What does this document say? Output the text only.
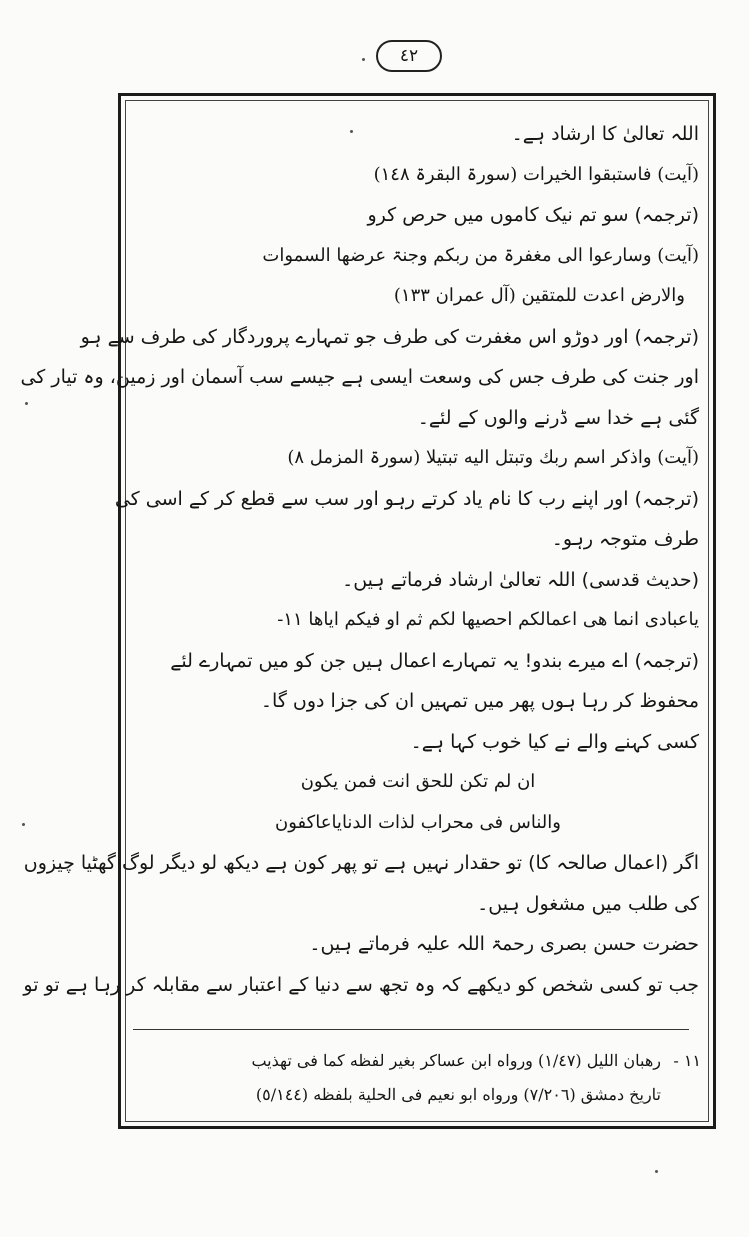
٤٢
اللہ تعالیٰ کا ارشاد ہے۔
(آیت) فاستبقوا الخیرات (سورۃ البقرۃ ١٤٨)
(ترجمہ) سو تم نیک کاموں میں حرص کرو
(آیت) وسارعوا الی مغفرۃ من ربکم وجنۃ عرضها السموات
والارض اعدت للمتقین (آل عمران ١٣٣)
(ترجمہ) اور دوڑو اس مغفرت کی طرف جو تمہارے پروردگار کی طرف سے ہو
اور جنت کی طرف جس کی وسعت ایسی ہے جیسے سب آسمان اور زمین، وہ تیار کی
گئی ہے خدا سے ڈرنے والوں کے لئے۔
(آیت) واذکر اسم ربك وتبتل الیه تبتیلا (سورۃ المزمل ٨)
(ترجمہ) اور اپنے رب کا نام یاد کرتے رہو اور سب سے قطع کر کے اسی کی
طرف متوجہ رہو۔
(حدیث قدسی) اللہ تعالیٰ ارشاد فرماتے ہیں۔
یاعبادی انما هی اعمالكم احصیها لكم ثم او فیكم ایاها ١١-
(ترجمہ) اے میرے بندو! یہ تمہارے اعمال ہیں جن کو میں تمہارے لئے
محفوظ کر رہا ہوں پھر میں تمہیں ان کی جزا دوں گا۔
کسی کہنے والے نے کیا خوب کہا ہے۔
ان لم تكن للحق انت فمن يكون
والناس فی محراب لذات الدنایاعاکفون
اگر (اعمال صالحہ کا) تو حقدار نہیں ہے تو پھر کون ہے دیکھ لو دیگر لوگ گھٹیا چیزوں
کی طلب میں مشغول ہیں۔
حضرت حسن بصری رحمۃ اللہ علیہ فرماتے ہیں۔
جب تو کسی شخص کو دیکھے کہ وہ تجھ سے دنیا کے اعتبار سے مقابلہ کر رہا ہے تو تو
١١ -رهبان اللیل (١/٤٧) ورواه ابن عساكر بغیر لفظه كما فی تهذیب
تاریخ دمشق (٧/٢٠٦) ورواه ابو نعیم فی الحلیة بلفظه (٥/١٤٤)
